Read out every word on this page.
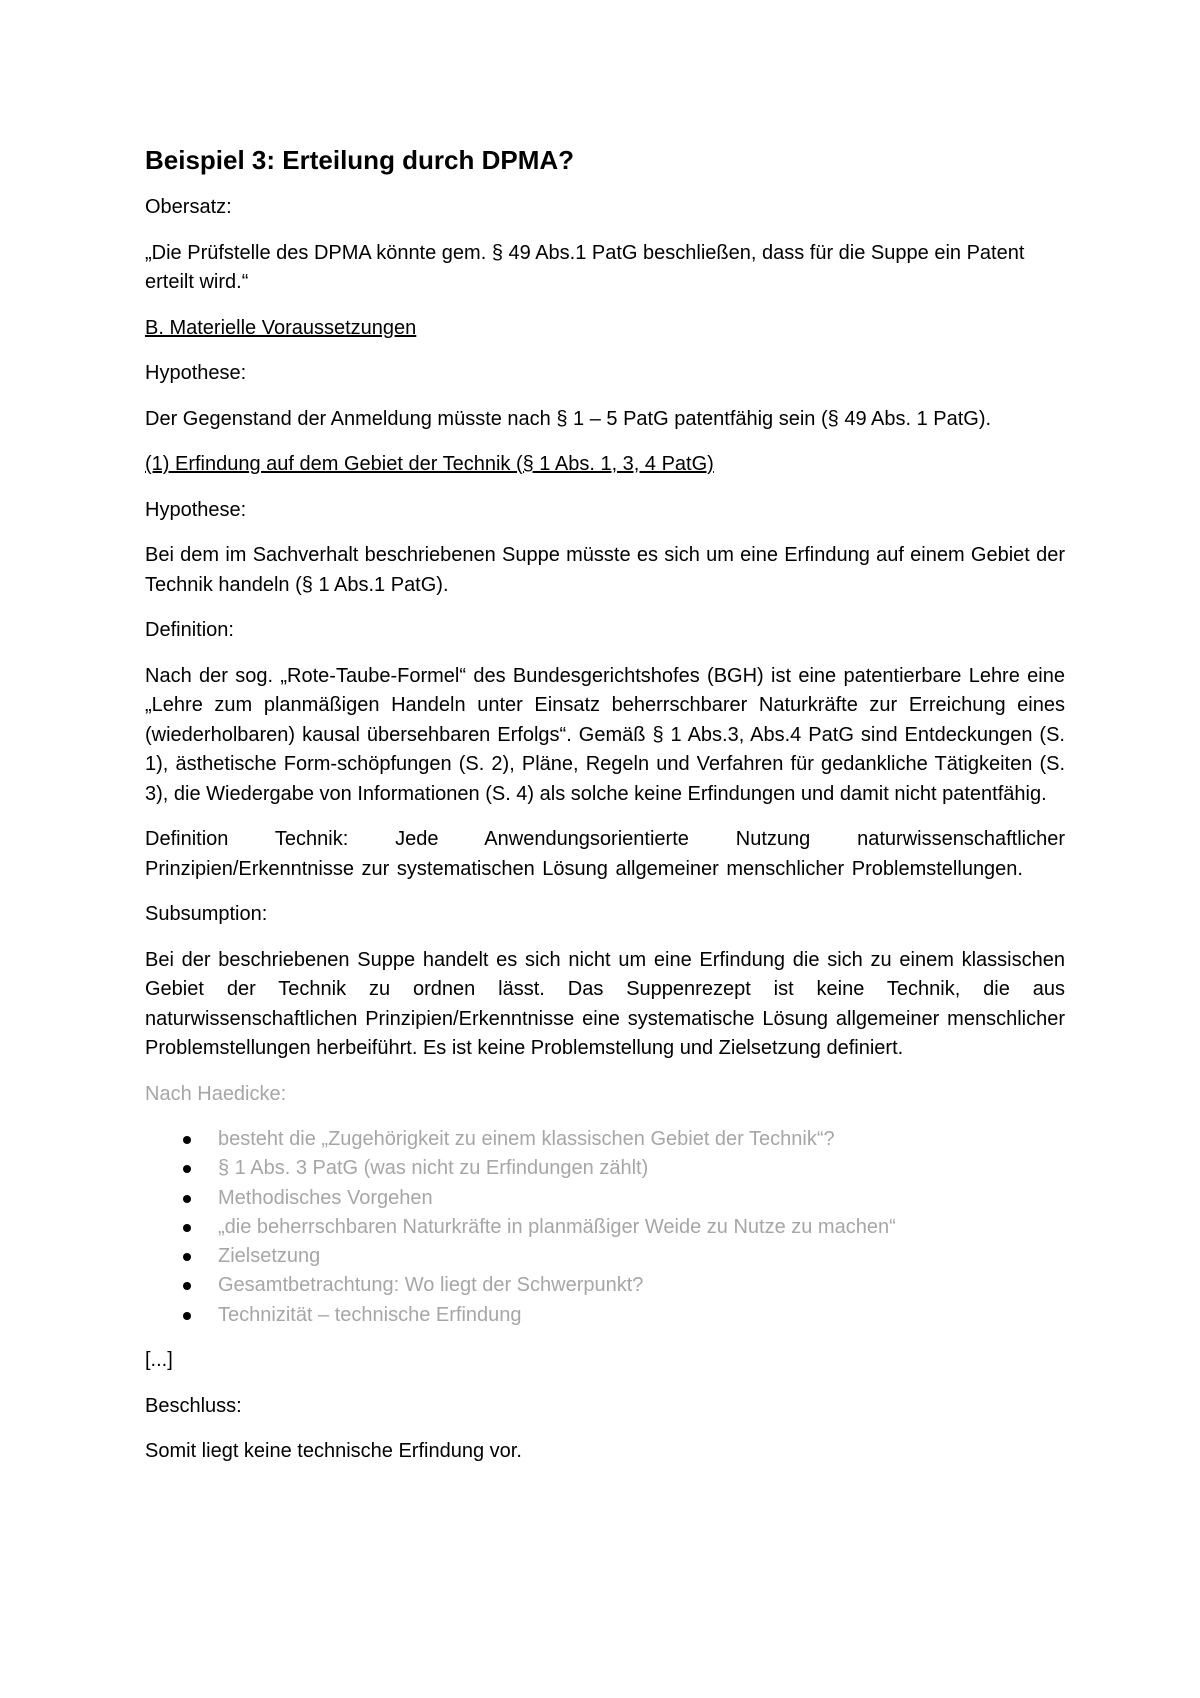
Beispiel 3: Erteilung durch DPMA?

Obersatz:

„Die Prüfstelle des DPMA könnte gem. § 49 Abs.1 PatG beschließen, dass für die Suppe ein Patent erteilt wird.“

B. Materielle Voraussetzungen

Hypothese:

Der Gegenstand der Anmeldung müsste nach § 1 – 5 PatG patentfähig sein (§ 49 Abs. 1 PatG).

(1) Erfindung auf dem Gebiet der Technik (§ 1 Abs. 1, 3, 4 PatG)

Hypothese:

Bei dem im Sachverhalt beschriebenen Suppe müsste es sich um eine Erfindung auf einem Gebiet der Technik handeln (§ 1 Abs.1 PatG).

Definition:

Nach der sog. „Rote-Taube-Formel“ des Bundesgerichtshofes (BGH) ist eine patentierbare Lehre eine „Lehre zum planmäßigen Handeln unter Einsatz beherrschbarer Naturkräfte zur Erreichung eines (wiederholbaren) kausal übersehbaren Erfolgs“. Gemäß § 1 Abs.3, Abs.4 PatG sind Entdeckungen (S. 1), ästhetische Form-schöpfungen (S. 2), Pläne, Regeln und Verfahren für gedankliche Tätigkeiten (S. 3), die Wiedergabe von Informationen (S. 4) als solche keine Erfindungen und damit nicht patentfähig.

Definition Technik: Jede Anwendungsorientierte Nutzung naturwissenschaftlicher Prinzipien/Erkenntnisse zur systematischen Lösung allgemeiner menschlicher Problemstellungen.

Subsumption:

Bei der beschriebenen Suppe handelt es sich nicht um eine Erfindung die sich zu einem klassischen Gebiet der Technik zu ordnen lässt. Das Suppenrezept ist keine Technik, die aus naturwissenschaftlichen Prinzipien/Erkenntnisse eine systematische Lösung allgemeiner menschlicher Problemstellungen herbeiführt. Es ist keine Problemstellung und Zielsetzung definiert.

Nach Haedicke:

besteht die „Zugehörigkeit zu einem klassischen Gebiet der Technik“?
§ 1 Abs. 3 PatG (was nicht zu Erfindungen zählt)
Methodisches Vorgehen
„die beherrschbaren Naturkräfte in planmäßiger Weide zu Nutze zu machen“
Zielsetzung
Gesamtbetrachtung: Wo liegt der Schwerpunkt?
Technizität – technische Erfindung

[...]

Beschluss:

Somit liegt keine technische Erfindung vor.
